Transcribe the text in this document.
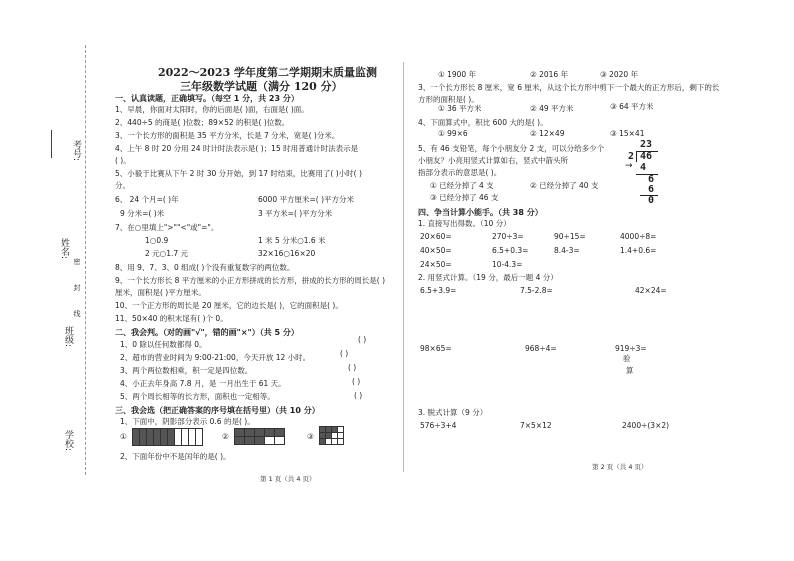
考号:
姓名:
密
封
线
班级:
学校:
2022～2023 学年度第二学期期末质量监测
三年级数学试题（满分 120 分）
一、认真读题，正确填写。（每空 1 分，共 23 分）
1、早晨，你面对太阳时，你的后面是( )面，右面是( )面。
2、440÷5 的商是( )位数；89×52 的积是( )位数。
3、一个长方形的面积是 35 平方分米，长是 7 分米，宽是( )分米。
4、上午 8 时 20 分用 24 时计时法表示是( )；15 时用普通计时法表示是
( )。
5、小毅于比赛从下午 2 时 30 分开始，到 17 时结束，比赛用了( )小时( )
分。
6、 24 个月=( )年	6000 平方厘米=( )平方分米
9 分米=( )米	3 平方米=( )平方分米
7、在○里填上">""<"或"="。
1○0.9	1 米 5 分米○1.6 米
2 元○1.7 元	32×16○16×20
8、用 9、7、3、0 组成( )个没有重复数字的两位数。
9、一个长方形长 8 平方厘米的小正方形拼成的长方形，拼成的长方形的周长是( )
厘米，面积是( )平方厘米。
10、一个正方形的周长是 20 厘米，它的边长是( )，它的面积是( )。
11、50×40 的积末尾有( )个 0。
二、我会判。（对的画"√"，错的画"×"）（共 5 分）
1、0 除以任何数都得 0。
( )
2、超市的营业时间为 9:00-21:00，今天开放 12 小时。	( )
3、两个两位数相乘，积一定是四位数。	( )
4、小正去年身高 7.8 月，是 一月出生于 61 天。	( )
5、两个周长相等的长方形，面积也一定相等。	( )
三、我会选（把正确答案的序号填在括号里）（共 10 分）
1、下面中，阴影部分表示 0.6 的是( )。
①	②	③
2、下面年份中不是闰年的是( )。
第 1 页（共 4 页）
① 1900 年	② 2016 年	③ 2020 年
3、一个长方形长 8 厘米，宽 6 厘米，从这个长方形中剪下一个最大的正方形后，剩下的长
方形的面积是( )。
① 36 平方米	② 49 平方米	③ 64 平方米
4、下面算式中，积比 600 大的是( )。
① 99×6	② 12×49	③ 15×41
5、有 46 支铅笔，每个小朋友分 2 支，可以分给多少个
小朋友？小亮用竖式计算如右，竖式中箭头所
指部分表示的意思是( )。
① 已经分掉了 4 支	② 已经分掉了 40 支
③ 已经分掉了 46 支
23
2 46
4
→
6
6
0
四、争当计算小能手。（共 38 分）
1. 直接写出得数。（10 分）
20×60=	270÷3=	90÷15=	4000÷8=
40×50=	6.5+0.3=	8.4-3=	1.4+0.6=
24×50=	10-4.3=
2. 用竖式计算。（19 分，最后一题 4 分）
6.5+3.9=	7.5-2.8=	42×24=
98×65=	968÷4=	919÷3=
验
算
3. 脱式计算（9 分）
576÷3+4	7×5×12	2400÷(3×2)
第 2 页（共 4 页）
